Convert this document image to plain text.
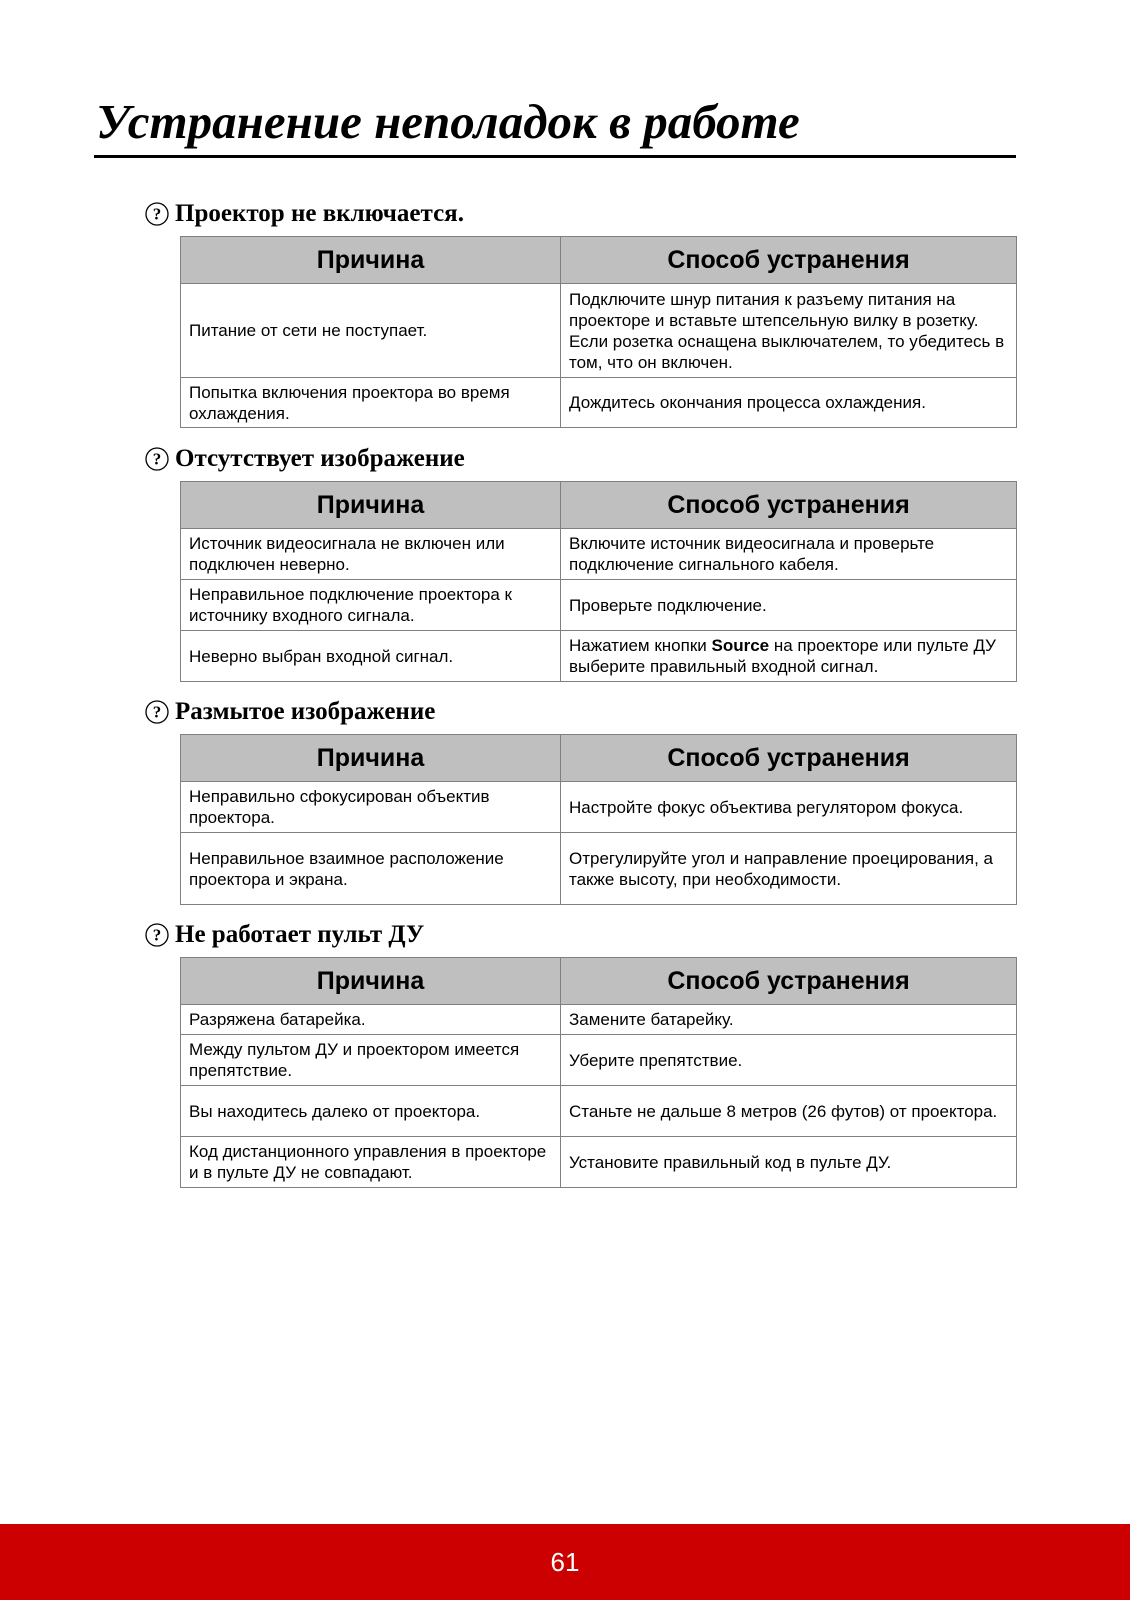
Устранение неполадок в работе
? Проектор не включается.
Причина	Способ устранения
Питание от сети не поступает.	Подключите шнур питания к разъему питания на проекторе и вставьте штепсельную вилку в розетку. Если розетка оснащена выключателем, то убедитесь в том, что он включен.
Попытка включения проектора во время охлаждения.	Дождитесь окончания процесса охлаждения.
? Отсутствует изображение
Причина	Способ устранения
Источник видеосигнала не включен или подключен неверно.	Включите источник видеосигнала и проверьте подключение сигнального кабеля.
Неправильное подключение проектора к источнику входного сигнала.	Проверьте подключение.
Неверно выбран входной сигнал.	Нажатием кнопки Source на проекторе или пульте ДУ выберите правильный входной сигнал.
? Размытое изображение
Причина	Способ устранения
Неправильно сфокусирован объектив проектора.	Настройте фокус объектива регулятором фокуса.
Неправильное взаимное расположение проектора и экрана.	Отрегулируйте угол и направление проецирования, а также высоту, при необходимости.
? Не работает пульт ДУ
Причина	Способ устранения
Разряжена батарейка.	Замените батарейку.
Между пультом ДУ и проектором имеется препятствие.	Уберите препятствие.
Вы находитесь далеко от проектора.	Станьте не дальше 8 метров (26 футов) от проектора.
Код дистанционного управления в проекторе и в пульте ДУ не совпадают.	Установите правильный код в пульте ДУ.
61
